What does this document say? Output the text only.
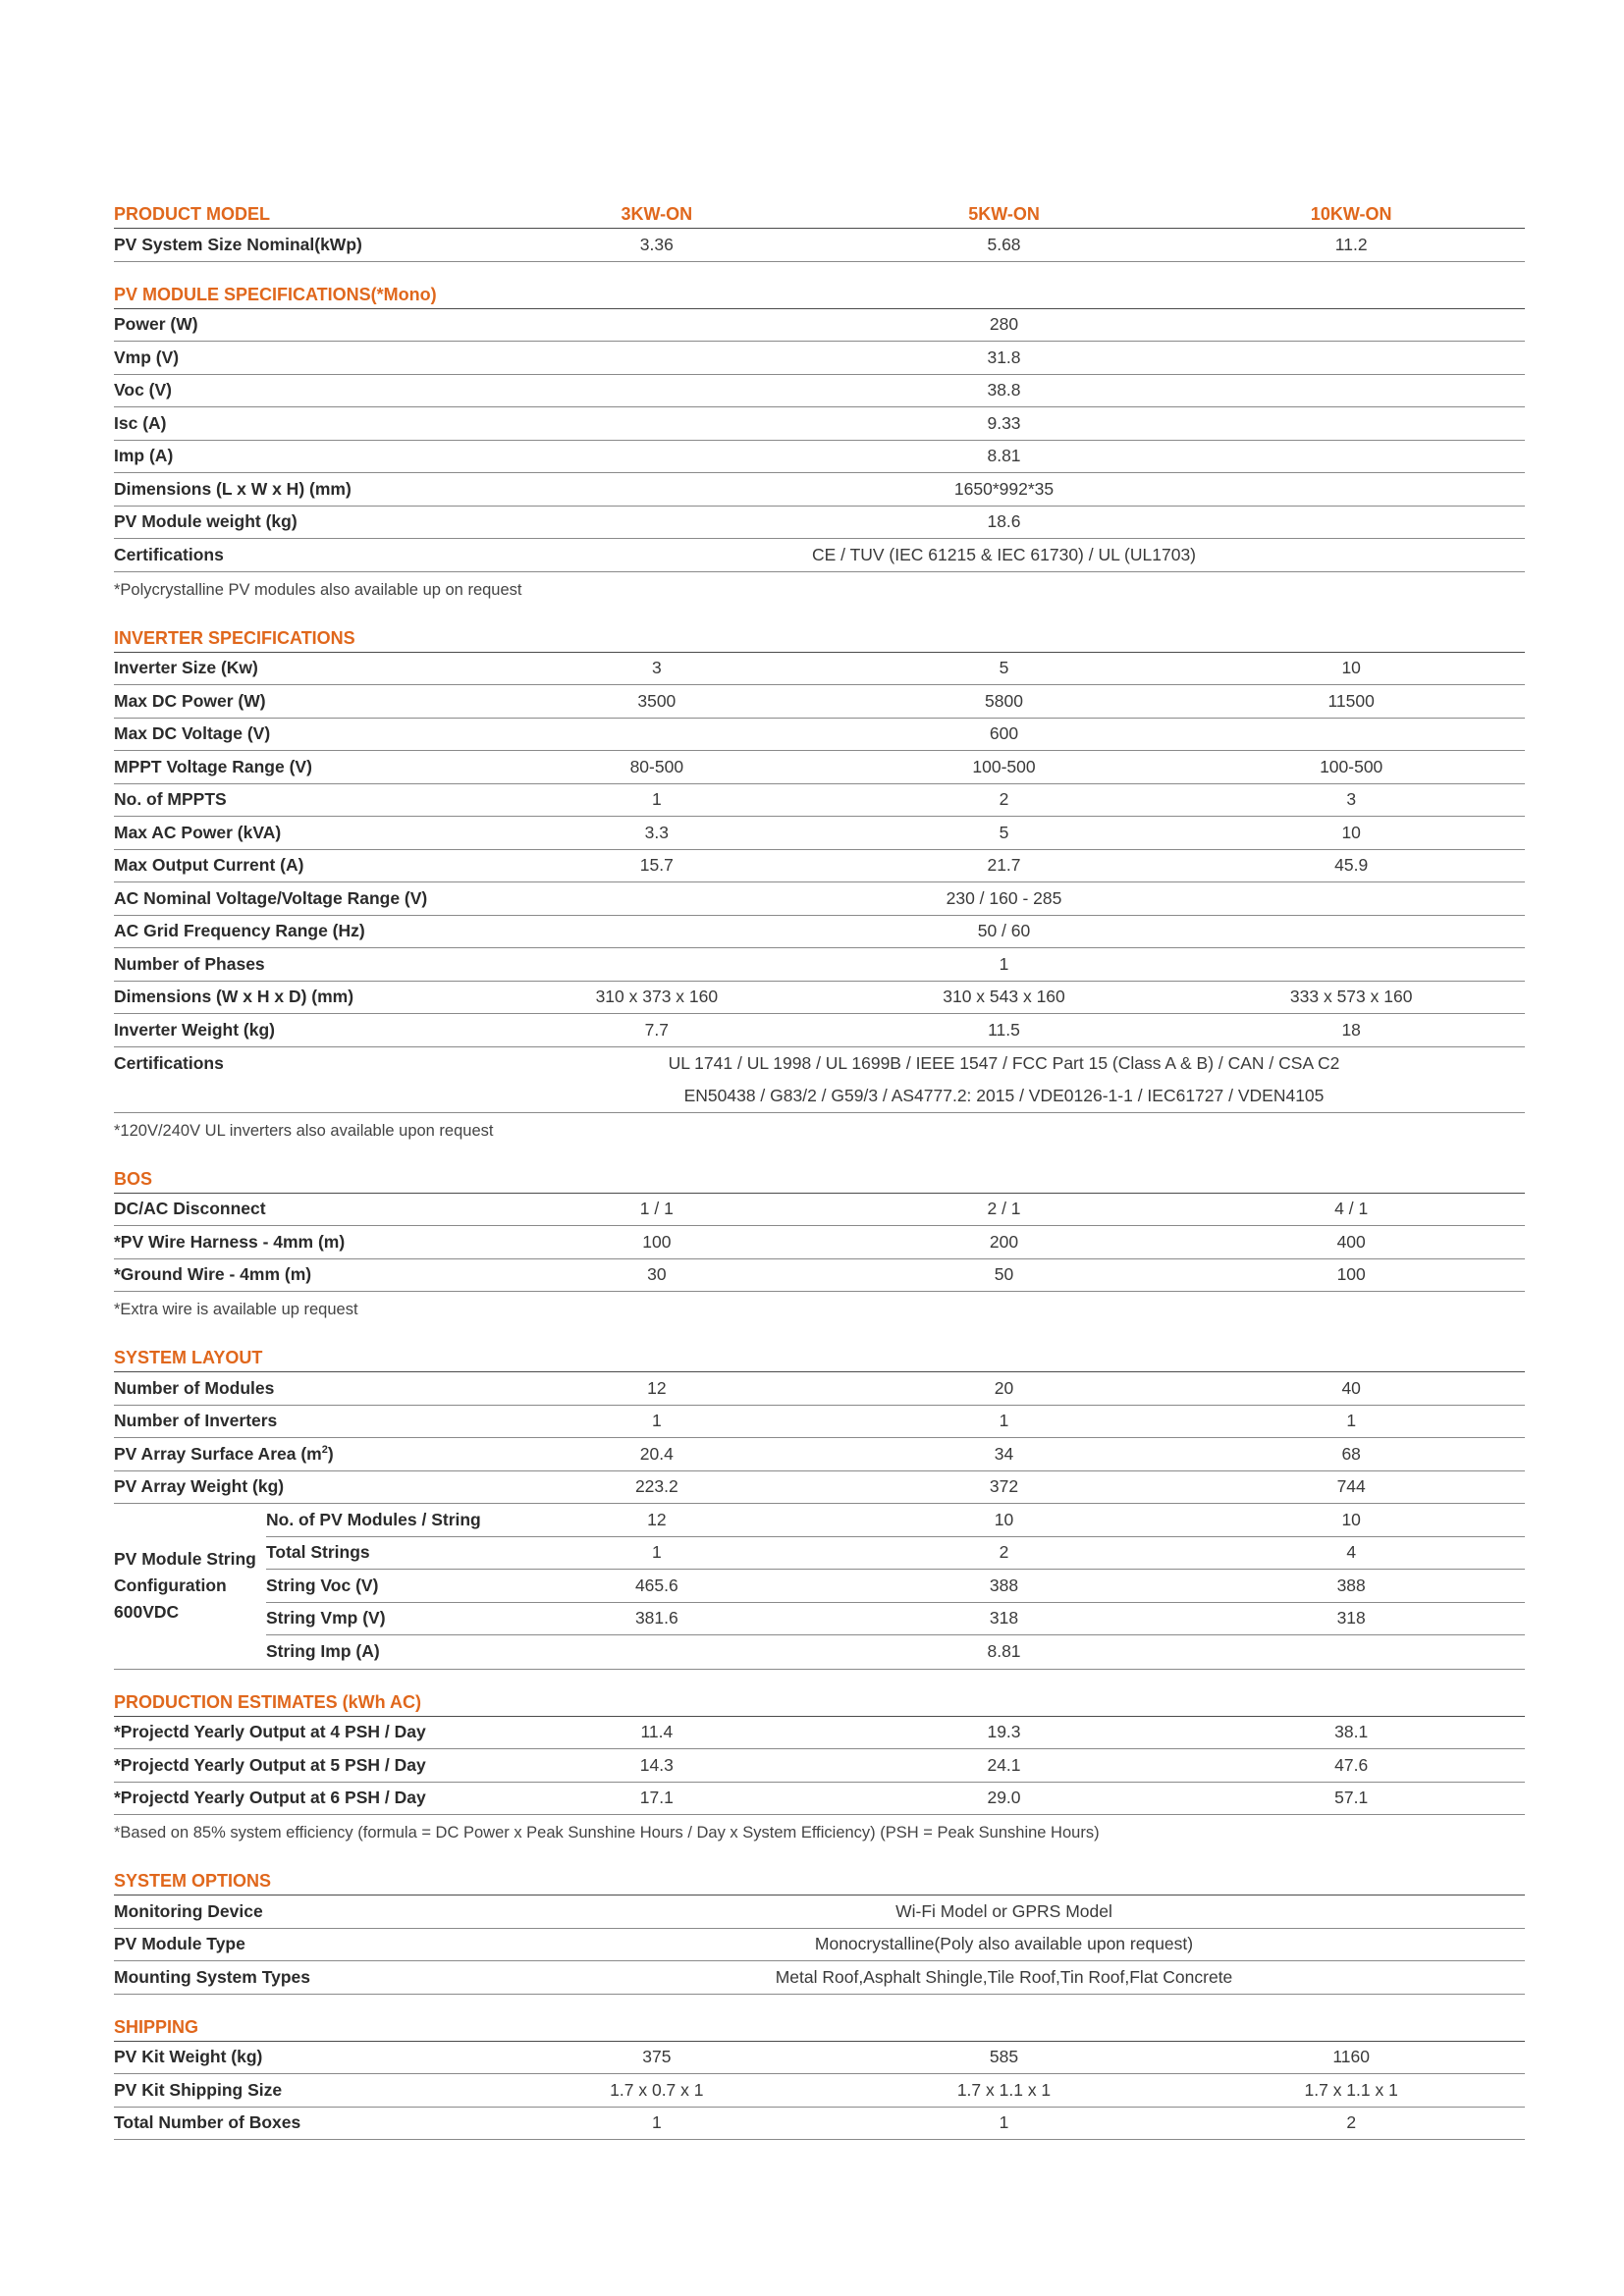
PRODUCT MODEL	3KW-ON	5KW-ON	10KW-ON
PV System Size Nominal(kWp)	3.36	5.68	11.2
PV MODULE SPECIFICATIONS(*Mono)
Power (W)	280
Vmp (V)	31.8
Voc (V)	38.8
Isc (A)	9.33
Imp (A)	8.81
Dimensions (L x W x H) (mm)	1650*992*35
PV Module weight (kg)	18.6
Certifications	CE / TUV (IEC 61215 & IEC 61730) / UL (UL1703)
*Polycrystalline PV modules also available up on request
INVERTER SPECIFICATIONS
Inverter Size (Kw)	3	5	10
Max DC Power (W)	3500	5800	11500
Max DC Voltage (V)	600
MPPT Voltage Range (V)	80-500	100-500	100-500
No. of MPPTS	1	2	3
Max AC Power (kVA)	3.3	5	10
Max Output Current (A)	15.7	21.7	45.9
AC Nominal Voltage/Voltage Range (V)	230 / 160 - 285
AC Grid Frequency Range (Hz)	50 / 60
Number of Phases	1
Dimensions (W x H x D) (mm)	310 x 373 x 160	310 x 543 x 160	333 x 573 x 160
Inverter Weight (kg)	7.7	11.5	18
Certifications	UL 1741 / UL 1998 / UL 1699B / IEEE 1547 / FCC Part 15 (Class A & B) / CAN / CSA C2
EN50438 / G83/2 / G59/3 / AS4777.2: 2015 / VDE0126-1-1 / IEC61727 / VDEN4105
*120V/240V UL inverters also available upon request
BOS
DC/AC Disconnect	1 / 1	2 / 1	4 / 1
*PV Wire Harness - 4mm (m)	100	200	400
*Ground Wire - 4mm (m)	30	50	100
*Extra wire is available up request
SYSTEM LAYOUT
Number of Modules	12	20	40
Number of Inverters	1	1	1
PV Array Surface Area $(m^2)$	20.4	34	68
PV Array Weight (kg)	223.2	372	744
PV Module String Configuration 600VDC
No. of PV Modules / String	12	10	10
Total Strings	1	2	4
String Voc (V)	465.6	388	388
String Vmp (V)	381.6	318	318
String Imp (A)	8.81
PRODUCTION ESTIMATES (kWh AC)
*Projectd Yearly Output at 4 PSH / Day	11.4	19.3	38.1
*Projectd Yearly Output at 5 PSH / Day	14.3	24.1	47.6
*Projectd Yearly Output at 6 PSH / Day	17.1	29.0	57.1
*Based on 85% system efficiency (formula = DC Power x Peak Sunshine Hours / Day x System Efficiency) (PSH = Peak Sunshine Hours)
SYSTEM OPTIONS
Monitoring Device	Wi-Fi Model or GPRS Model
PV Module Type	Monocrystalline(Poly also available upon request)
Mounting System Types	Metal Roof,Asphalt Shingle,Tile Roof,Tin Roof,Flat Concrete
SHIPPING
PV Kit Weight (kg)	375	585	1160
PV Kit Shipping Size	1.7 x 0.7 x 1	1.7 x 1.1 x 1	1.7 x 1.1 x 1
Total Number of Boxes	1	1	2
